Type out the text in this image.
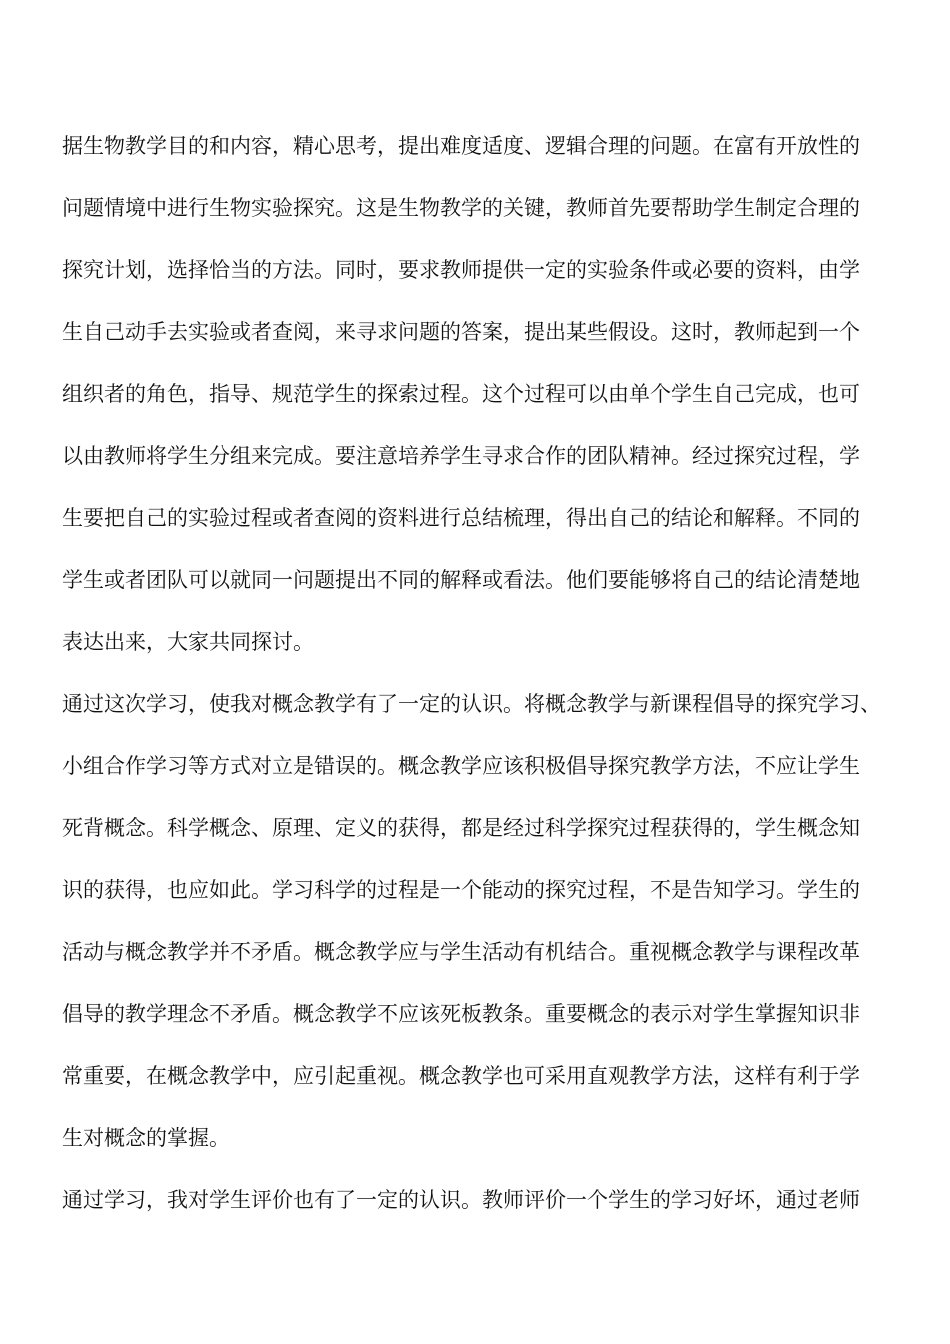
据生物教学目的和内容，精心思考，提出难度适度、逻辑合理的问题。在富有开放性的
问题情境中进行生物实验探究。这是生物教学的关键，教师首先要帮助学生制定合理的
探究计划，选择恰当的方法。同时，要求教师提供一定的实验条件或必要的资料，由学
生自己动手去实验或者查阅，来寻求问题的答案，提出某些假设。这时，教师起到一个
组织者的角色，指导、规范学生的探索过程。这个过程可以由单个学生自己完成，也可
以由教师将学生分组来完成。要注意培养学生寻求合作的团队精神。经过探究过程，学
生要把自己的实验过程或者查阅的资料进行总结梳理，得出自己的结论和解释。不同的
学生或者团队可以就同一问题提出不同的解释或看法。他们要能够将自己的结论清楚地
表达出来，大家共同探讨。
通过这次学习，使我对概念教学有了一定的认识。将概念教学与新课程倡导的探究学习、
小组合作学习等方式对立是错误的。概念教学应该积极倡导探究教学方法，不应让学生
死背概念。科学概念、原理、定义的获得，都是经过科学探究过程获得的，学生概念知
识的获得，也应如此。学习科学的过程是一个能动的探究过程，不是告知学习。学生的
活动与概念教学并不矛盾。概念教学应与学生活动有机结合。重视概念教学与课程改革
倡导的教学理念不矛盾。概念教学不应该死板教条。重要概念的表示对学生掌握知识非
常重要，在概念教学中，应引起重视。概念教学也可采用直观教学方法，这样有利于学
生对概念的掌握。
通过学习，我对学生评价也有了一定的认识。教师评价一个学生的学习好坏，通过老师
